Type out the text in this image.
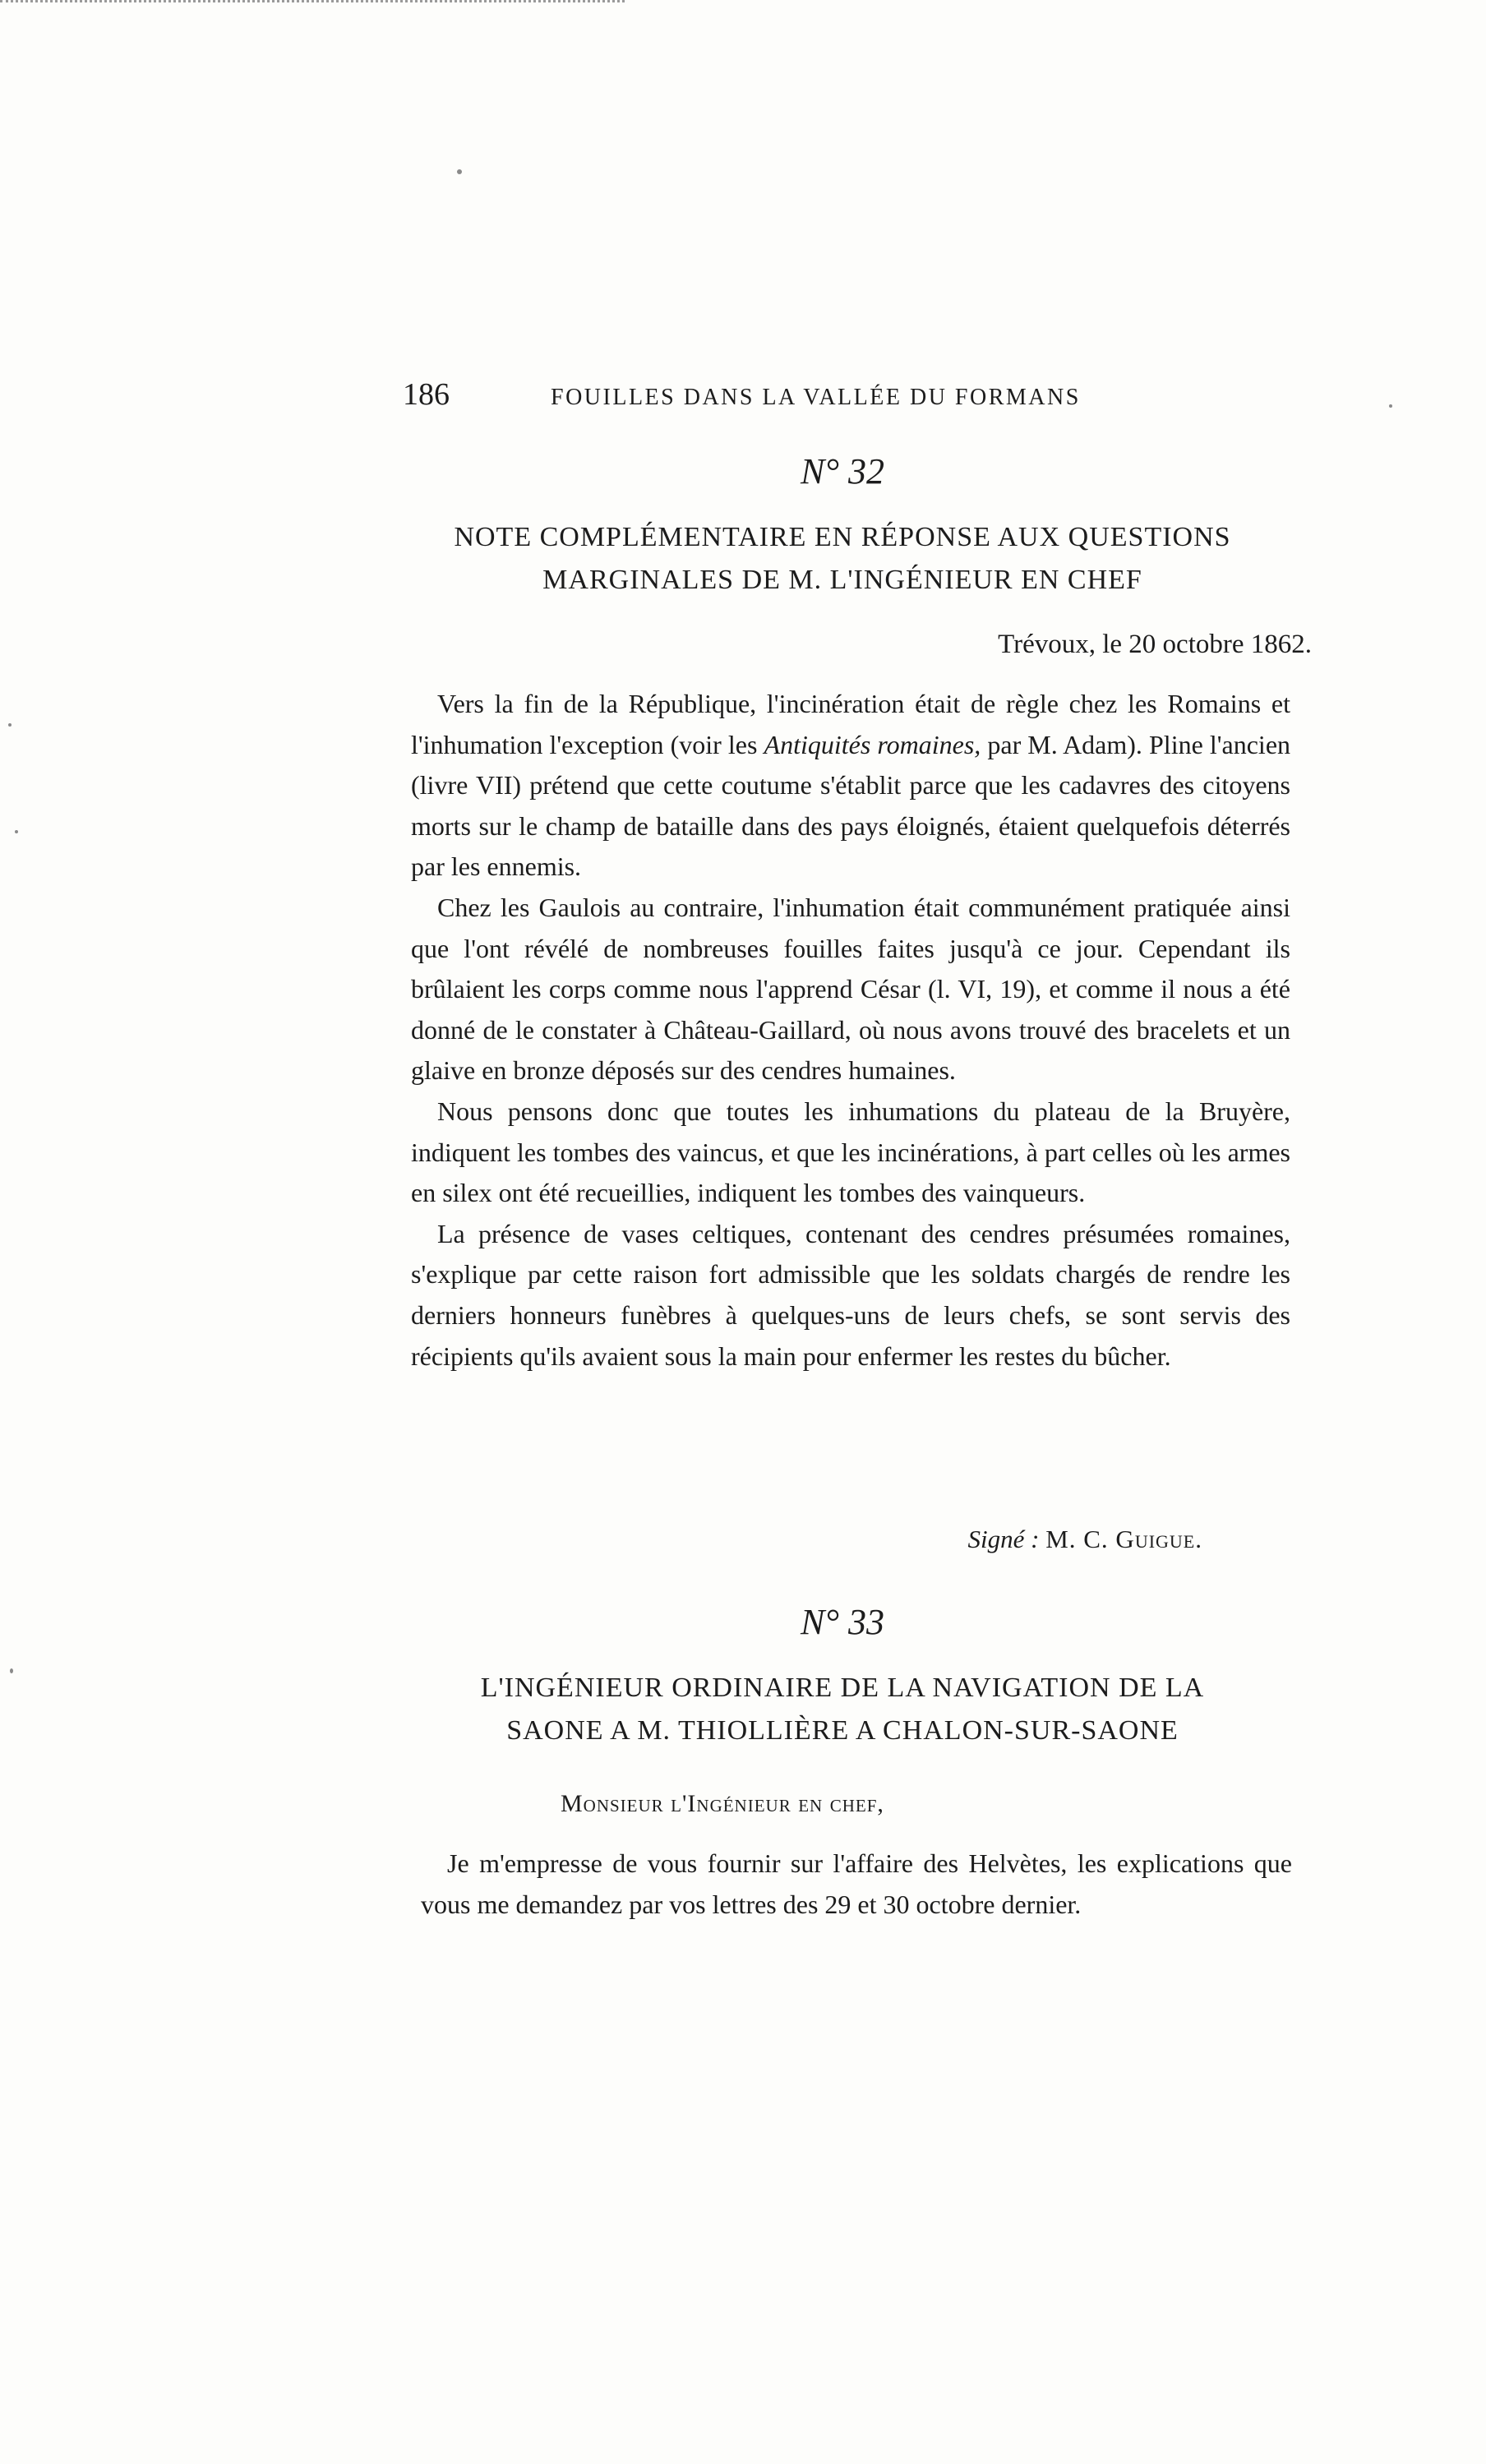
186	FOUILLES DANS LA VALLÉE DU FORMANS
N° 32
NOTE COMPLÉMENTAIRE EN RÉPONSE AUX QUESTIONS
MARGINALES DE M. L'INGÉNIEUR EN CHEF
Trévoux, le 20 octobre 1862.

Vers la fin de la République, l'incinération était de règle chez les Romains et l'inhumation l'exception (voir les Antiquités romaines, par M. Adam). Pline l'ancien (livre VII) prétend que cette coutume s'établit parce que les cadavres des citoyens morts sur le champ de bataille dans des pays éloignés, étaient quelquefois déterrés par les ennemis.

Chez les Gaulois au contraire, l'inhumation était communément pratiquée ainsi que l'ont révélé de nombreuses fouilles faites jusqu'à ce jour. Cependant ils brûlaient les corps comme nous l'apprend César (l. VI, 19), et comme il nous a été donné de le constater à Château-Gaillard, où nous avons trouvé des bracelets et un glaive en bronze déposés sur des cendres humaines.

Nous pensons donc que toutes les inhumations du plateau de la Bruyère, indiquent les tombes des vaincus, et que les incinérations, à part celles où les armes en silex ont été recueillies, indiquent les tombes des vainqueurs.

La présence de vases celtiques, contenant des cendres présumées romaines, s'explique par cette raison fort admissible que les soldats chargés de rendre les derniers honneurs funèbres à quelques-uns de leurs chefs, se sont servis des récipients qu'ils avaient sous la main pour enfermer les restes du bûcher.

Signé : M. C. Guigue.
N° 33
L'INGÉNIEUR ORDINAIRE DE LA NAVIGATION DE LA
SAONE A M. THIOLLIÈRE A CHALON-SUR-SAONE
Monsieur l'Ingénieur en chef,

Je m'empresse de vous fournir sur l'affaire des Helvètes, les explications que vous me demandez par vos lettres des 29 et 30 octobre dernier.
